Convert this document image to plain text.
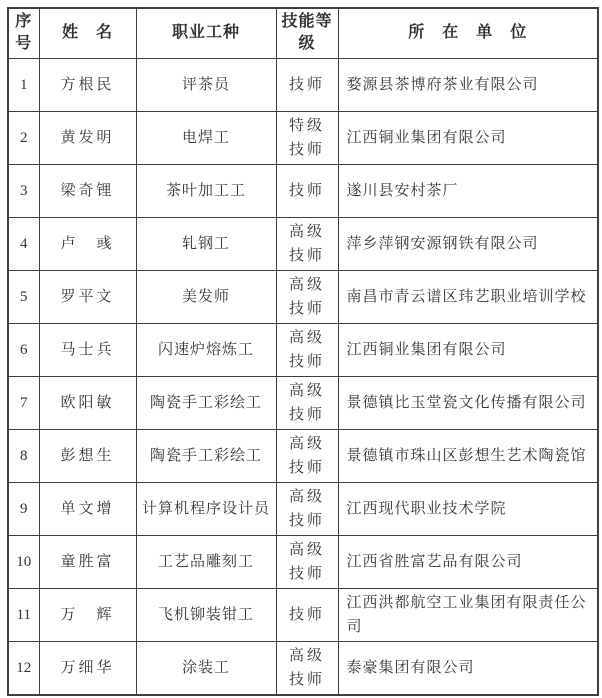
序号	姓　名	职业工种	技能等级	所　在　单　位
1	方根民	评茶员	技师	婺源县茶博府茶业有限公司
2	黄发明	电焊工	特级技师	江西铜业集团有限公司
3	梁奇锂	茶叶加工工	技师	遂川县安村茶厂
4	卢　彧	轧钢工	高级技师	萍乡萍钢安源钢铁有限公司
5	罗平文	美发师	高级技师	南昌市青云谱区玮艺职业培训学校
6	马士兵	闪速炉熔炼工	高级技师	江西铜业集团有限公司
7	欧阳敏	陶瓷手工彩绘工	高级技师	景德镇比玉堂瓷文化传播有限公司
8	彭想生	陶瓷手工彩绘工	高级技师	景德镇市珠山区彭想生艺术陶瓷馆
9	单文增	计算机程序设计员	高级技师	江西现代职业技术学院
10	童胜富	工艺品雕刻工	高级技师	江西省胜富艺品有限公司
11	万　辉	飞机铆装钳工	技师	江西洪都航空工业集团有限责任公司
12	万细华	涂装工	高级技师	泰豪集团有限公司
